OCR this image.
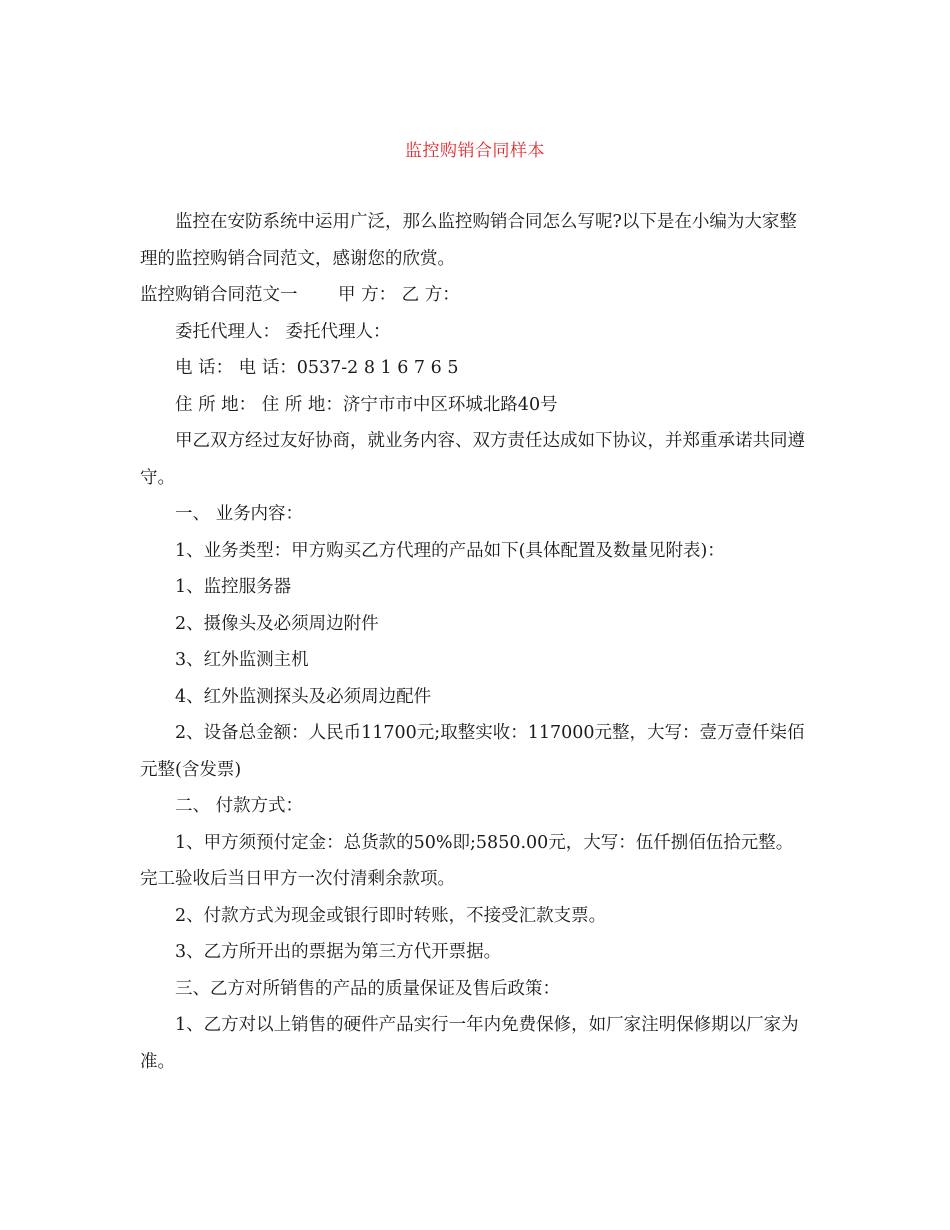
监控购销合同样本

监控在安防系统中运用广泛，那么监控购销合同怎么写呢?以下是在小编为大家整理的监控购销合同范文，感谢您的欣赏。

监控购销合同范文一　　 甲 方： 乙 方：

委托代理人： 委托代理人：

电 话： 电 话：0537-2 8 1 6 7 6 5

住 所 地： 住 所 地：济宁市市中区环城北路40号

甲乙双方经过友好协商，就业务内容、双方责任达成如下协议，并郑重承诺共同遵守。

一、 业务内容：

1、业务类型：甲方购买乙方代理的产品如下(具体配置及数量见附表)：

1、监控服务器

2、摄像头及必须周边附件

3、红外监测主机

4、红外监测探头及必须周边配件

2、设备总金额：人民币11700元;取整实收：117000元整，大写：壹万壹仟柒佰元整(含发票)

二、 付款方式：

1、甲方须预付定金：总货款的50%即;5850.00元，大写：伍仟捌佰伍拾元整。 完工验收后当日甲方一次付清剩余款项。

2、付款方式为现金或银行即时转账，不接受汇款支票。

3、乙方所开出的票据为第三方代开票据。

三、乙方对所销售的产品的质量保证及售后政策：

1、乙方对以上销售的硬件产品实行一年内免费保修，如厂家注明保修期以厂家为准。
